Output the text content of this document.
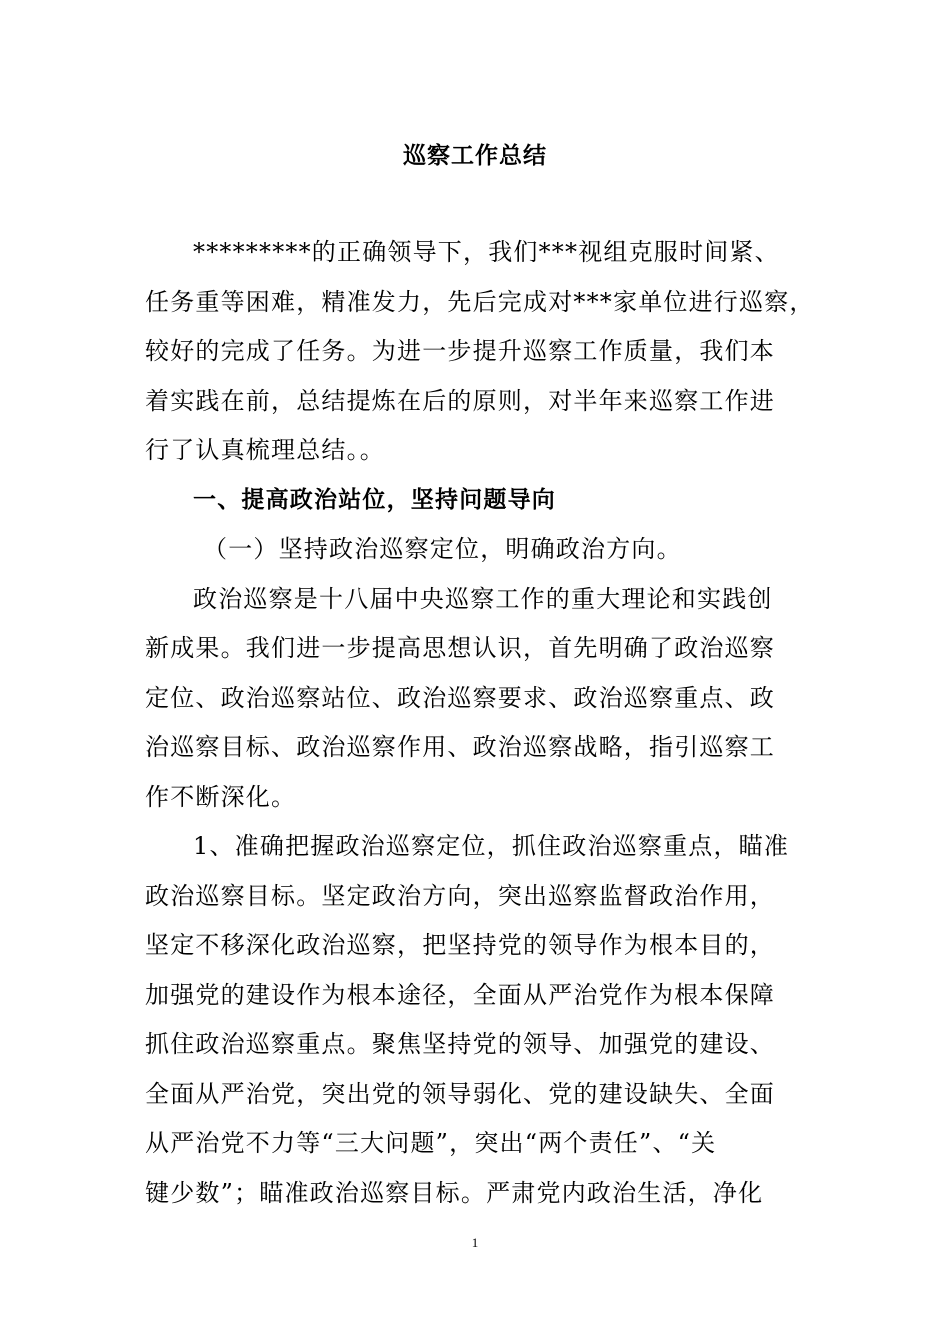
巡察工作总结
*********的正确领导下，我们***视组克服时间紧、
任务重等困难，精准发力，先后完成对***家单位进行巡察，
较好的完成了任务。为进一步提升巡察工作质量，我们本
着实践在前，总结提炼在后的原则，对半年来巡察工作进
行了认真梳理总结。。
一、提高政治站位，坚持问题导向
（一）坚持政治巡察定位，明确政治方向。
政治巡察是十八届中央巡察工作的重大理论和实践创
新成果。我们进一步提高思想认识，首先明确了政治巡察
定位、政治巡察站位、政治巡察要求、政治巡察重点、政
治巡察目标、政治巡察作用、政治巡察战略，指引巡察工
作不断深化。
1、准确把握政治巡察定位，抓住政治巡察重点，瞄准
政治巡察目标。坚定政治方向，突出巡察监督政治作用，
坚定不移深化政治巡察，把坚持党的领导作为根本目的，
加强党的建设作为根本途径，全面从严治党作为根本保障
抓住政治巡察重点。聚焦坚持党的领导、加强党的建设、
全面从严治党，突出党的领导弱化、党的建设缺失、全面
从严治党不力等“三大问题”，突出“两个责任”、“关
键少数”；瞄准政治巡察目标。严肃党内政治生活，净化
1
